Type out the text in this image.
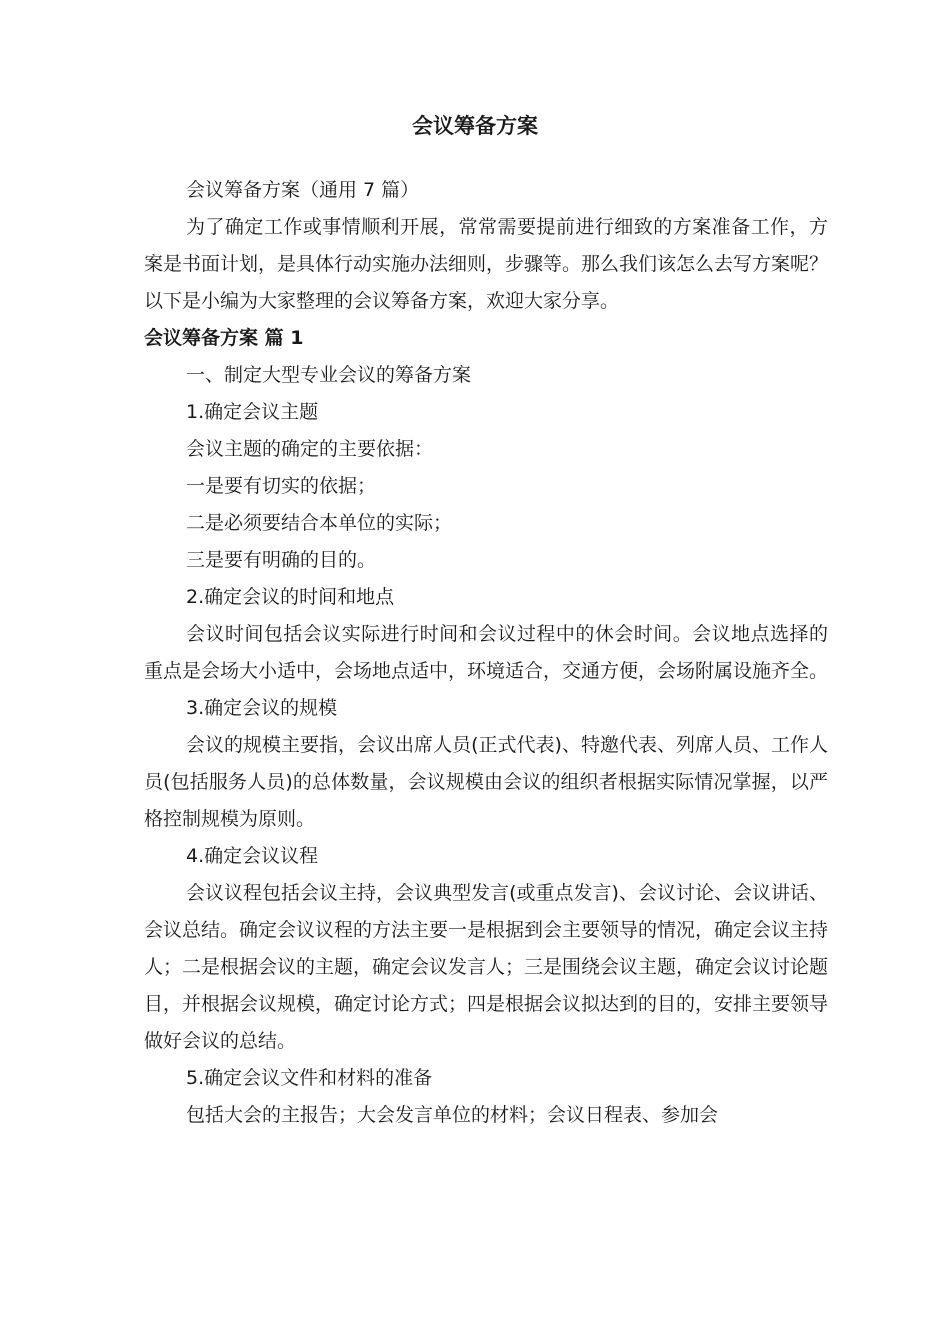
会议筹备方案

会议筹备方案（通用 7 篇）

为了确定工作或事情顺利开展，常常需要提前进行细致的方案准备工作，方案是书面计划，是具体行动实施办法细则，步骤等。那么我们该怎么去写方案呢？以下是小编为大家整理的会议筹备方案，欢迎大家分享。

会议筹备方案 篇 1

一、制定大型专业会议的筹备方案

1.确定会议主题

会议主题的确定的主要依据：

一是要有切实的依据；

二是必须要结合本单位的实际；

三是要有明确的目的。

2.确定会议的时间和地点

会议时间包括会议实际进行时间和会议过程中的休会时间。会议地点选择的重点是会场大小适中，会场地点适中，环境适合，交通方便，会场附属设施齐全。

3.确定会议的规模

会议的规模主要指，会议出席人员(正式代表)、特邀代表、列席人员、工作人员(包括服务人员)的总体数量，会议规模由会议的组织者根据实际情况掌握，以严格控制规模为原则。

4.确定会议议程

会议议程包括会议主持，会议典型发言(或重点发言)、会议讨论、会议讲话、会议总结。确定会议议程的方法主要一是根据到会主要领导的情况，确定会议主持人；二是根据会议的主题，确定会议发言人；三是围绕会议主题，确定会议讨论题目，并根据会议规模，确定讨论方式；四是根据会议拟达到的目的，安排主要领导做好会议的总结。

5.确定会议文件和材料的准备

包括大会的主报告；大会发言单位的材料；会议日程表、参加会
